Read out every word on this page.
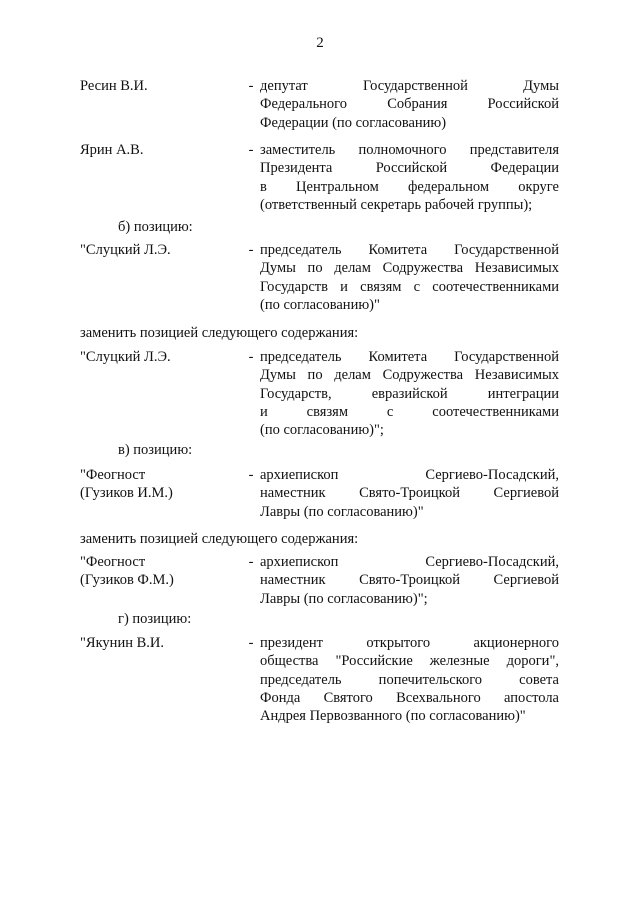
2
Ресин В.И.	- депутат Государственной Думы
Федерального Собрания Российской
Федерации (по согласованию)
Ярин А.В.	- заместитель полномочного представителя
Президента Российской Федерации
в Центральном федеральном округе
(ответственный секретарь рабочей группы);
б) позицию:
"Слуцкий Л.Э.	- председатель Комитета Государственной
Думы по делам Содружества Независимых
Государств и связям с соотечественниками
(по согласованию)"
заменить позицией следующего содержания:
"Слуцкий Л.Э.	- председатель Комитета Государственной
Думы по делам Содружества Независимых
Государств, евразийской интеграции
и связям с соотечественниками
(по согласованию)";
в) позицию:
"Феогност
(Гузиков И.М.)
- архиепископ Сергиево-Посадский,
наместник Свято-Троицкой Сергиевой
Лавры (по согласованию)"
заменить позицией следующего содержания:
"Феогност
(Гузиков Ф.М.)
- архиепископ Сергиево-Посадский,
наместник Свято-Троицкой Сергиевой
Лавры (по согласованию)";
г) позицию:
"Якунин В.И.	- президент открытого акционерного
общества "Российские железные дороги",
председатель попечительского совета
Фонда Святого Всехвального апостола
Андрея Первозванного (по согласованию)"
